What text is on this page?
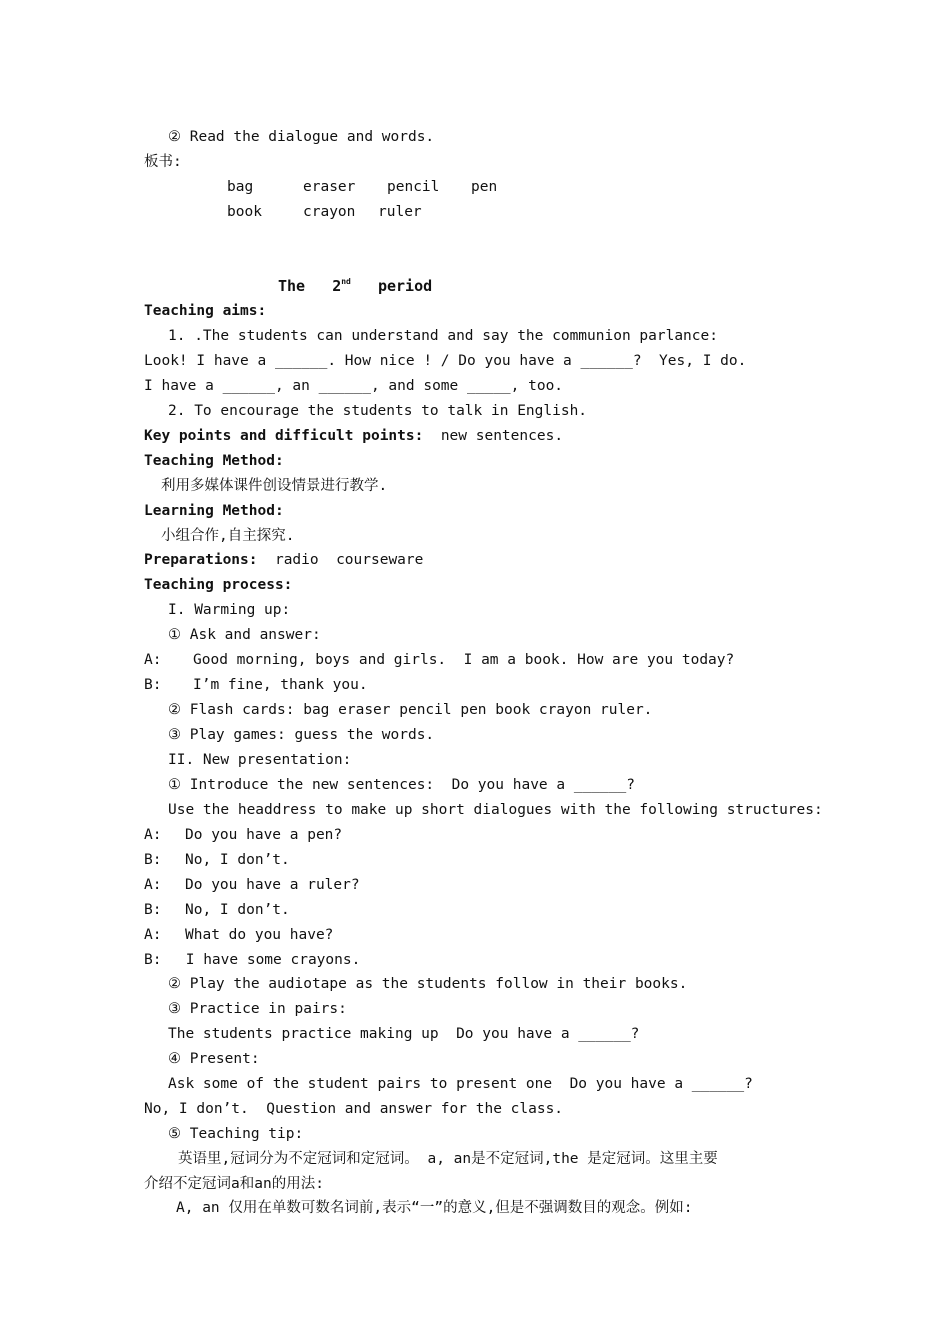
② Read the dialogue and words.
板书:
bag	eraser pencil pen
book	crayon ruler
The 2nd period
Teaching aims:
1. .The students can understand and say the communion parlance:
Look! I have a ______. How nice ! / Do you have a ______?  Yes, I do.
I have a ______, an ______, and some _____, too.
2. To encourage the students to talk in English.
Key points and difficult points: new sentences.
Teaching Method:
利用多媒体课件创设情景进行教学.
Learning Method:
小组合作,自主探究.
Preparations: radio  courseware
Teaching process:
I. Warming up:
① Ask and answer:
A: Good morning, boys and girls.  I am a book. How are you today?
B: I’m fine, thank you.
② Flash cards: bag eraser pencil pen book crayon ruler.
③ Play games: guess the words.
II. New presentation:
① Introduce the new sentences:  Do you have a ______?
Use the headdress to make up short dialogues with the following structures:
A: Do you have a pen?
B: No, I don’t.
A: Do you have a ruler?
B: No, I don’t.
A: What do you have?
B: I have some crayons.
② Play the audiotape as the students follow in their books.
③ Practice in pairs:
The students practice making up  Do you have a ______?
④ Present:
Ask some of the student pairs to present one  Do you have a ______?
No, I don’t.  Question and answer for the class.
⑤ Teaching tip:
英语里,冠词分为不定冠词和定冠词。 a, an是不定冠词,the 是定冠词。这里主要
介绍不定冠词a和an的用法:
A, an 仅用在单数可数名词前,表示“一”的意义,但是不强调数目的观念。例如:
